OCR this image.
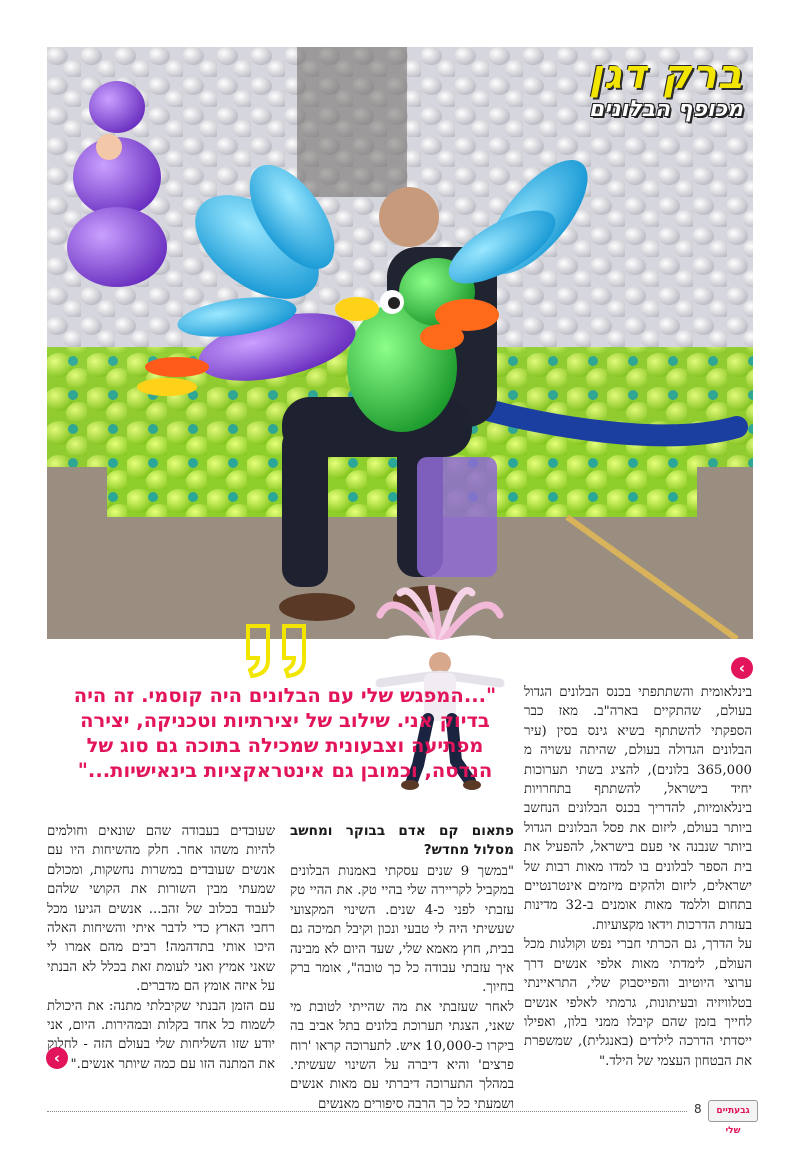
ברק דגן
מכופף הבלונים
"...המפגש שלי עם הבלונים היה קוסמי. זה היה בדיוק אני. שילוב של יצירתיות וטכניקה, יצירה מפתיעה וצבעונית שמכילה בתוכה גם סוג של הנדסה, וכמובן גם אינטראקציות בינאישיות..."
‹
‹

בינלאומית והשתתפתי בכנס הבלונים הגדול בעולם, שהתקיים בארה"ב. מאז כבר הספקתי להשתתף בשיא גינס בסין (עיר הבלונים הגדולה בעולם, שהיתה עשויה מ 365,000 בלונים), להציג בשתי תערוכות יחיד בישראל, להשתתף בתחרויות בינלאומיות, להדריך בכנס הבלונים הנחשב ביותר בעולם, ליזום את פסל הבלונים הגדול ביותר שנבנה אי פעם בישראל, להפעיל את בית הספר לבלונים בו למדו מאות רבות של ישראלים, ליזום ולהקים מיזמים אינטרנטיים בתחום וללמד מאות אומנים ב-32 מדינות בעזרת הדרכות וידאו מקצועיות.

על הדרך, גם הכרתי חברי נפש וקולגות מכל העולם, לימדתי מאות אלפי אנשים דרך ערוצי היוטיוב והפייסבוק שלי, התראיינתי בטלוויזיה ובעיתונות, גרמתי לאלפי אנשים לחייך בזמן שהם קיבלו ממני בלון, ואפילו ייסדתי הדרכה לילדים (באנגלית), שמשפרת את הבטחון העצמי של הילד."

פתאום קם אדם בבוקר ומחשב מסלול מחדש?

"במשך 9 שנים עסקתי באמנות הבלונים במקביל לקריירה שלי בהיי טק. את ההיי טק עזבתי לפני כ-4 שנים. השינוי המקצועי שעשיתי היה לי טבעי ונכון וקיבל תמיכה גם בבית, חוץ מאמא שלי, שעד היום לא מבינה איך עזבתי עבודה כל כך טובה", אומר ברק בחיוך.

לאחר שעזבתי את מה שהייתי לטובת מי שאני, הצגתי תערוכת בלונים בתל אביב בה ביקרו כ-10,000 איש. לתערוכה קראו 'רוח פרצים' והיא דיברה על השינוי שעשיתי. במהלך התערוכה דיברתי עם מאות אנשים ושמעתי כל כך הרבה סיפורים מאנשים

שעובדים בעבודה שהם שונאים וחולמים להיות משהו אחר. חלק מהשיחות היו עם אנשים שעובדים במשרות נחשקות, ומכולם שמעתי מבין השורות את הקושי שלהם לעבוד בכלוב של זהב... אנשים הגיעו מכל רחבי הארץ כדי לדבר איתי והשיחות האלה היכו אותי בתדהמה! רבים מהם אמרו לי שאני אמיץ ואני לעומת זאת בכלל לא הבנתי על איזה אומץ הם מדברים.

עם הזמן הבנתי שקיבלתי מתנה: את היכולת לשמוח כל אחד בקלות ובמהירות. היום, אני יודע שזו השליחות שלי בעולם הזה - לחלוק את המתנה הזו עם כמה שיותר אנשים."

8	גבעתיים שלי
